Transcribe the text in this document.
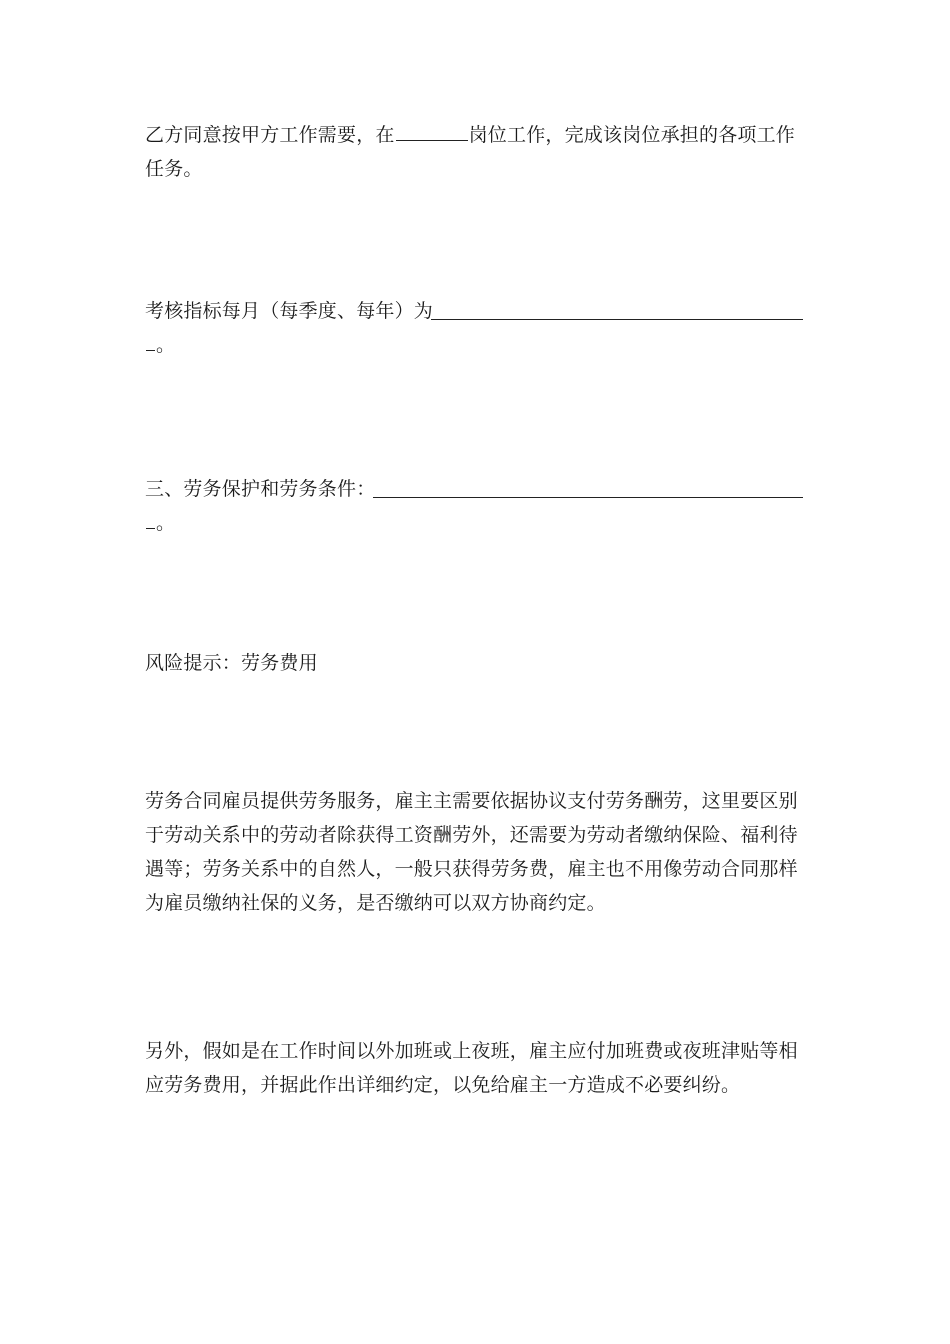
乙方同意按甲方工作需要，在	岗位工作，完成该岗位承担的各项工作
任务。
考核指标每月（每季度、每年）为
。
三、劳务保护和劳务条件：
。
风险提示：劳务费用
劳务合同雇员提供劳务服务，雇主主需要依据协议支付劳务酬劳，这里要区别
于劳动关系中的劳动者除获得工资酬劳外，还需要为劳动者缴纳保险、福利待
遇等；劳务关系中的自然人，一般只获得劳务费，雇主也不用像劳动合同那样
为雇员缴纳社保的义务，是否缴纳可以双方协商约定。
另外，假如是在工作时间以外加班或上夜班，雇主应付加班费或夜班津贴等相
应劳务费用，并据此作出详细约定，以免给雇主一方造成不必要纠纷。
